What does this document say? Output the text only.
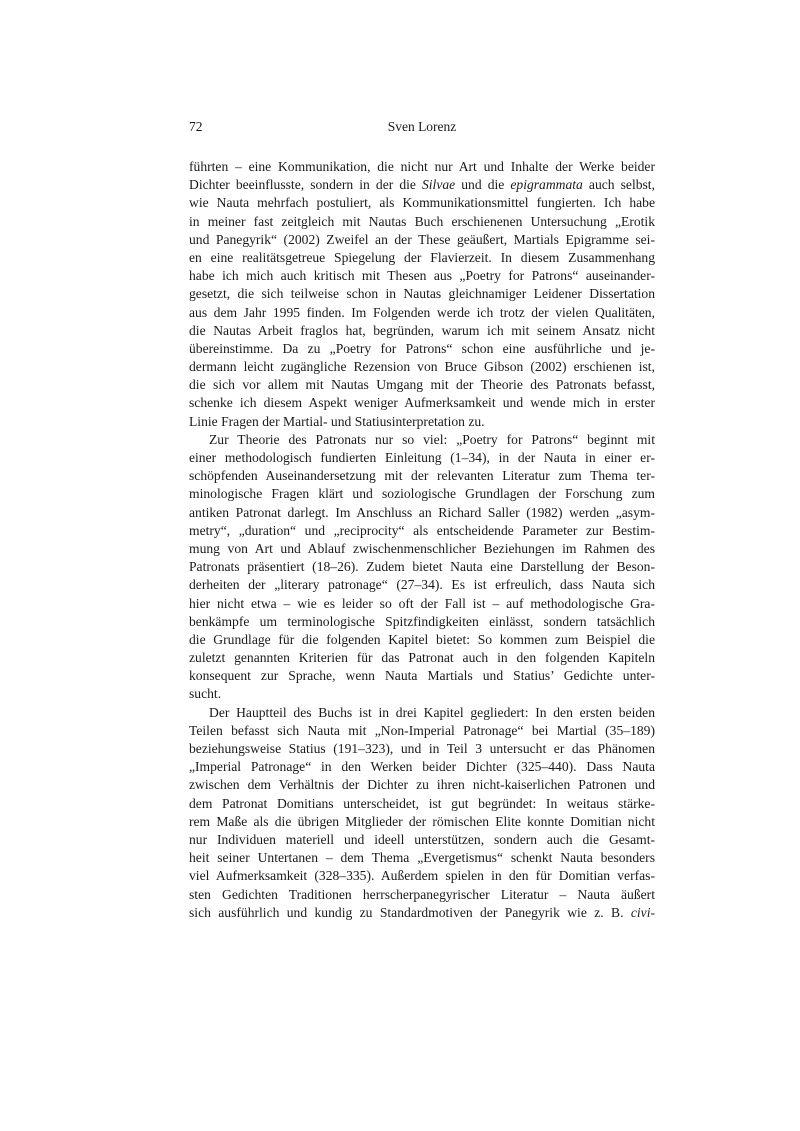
72	Sven Lorenz
führten – eine Kommunikation, die nicht nur Art und Inhalte der Werke beider
Dichter beeinflusste, sondern in der die Silvae und die epigrammata auch selbst,
wie Nauta mehrfach postuliert, als Kommunikationsmittel fungierten. Ich habe
in meiner fast zeitgleich mit Nautas Buch erschienenen Untersuchung „Erotik
und Panegyrik“ (2002) Zweifel an der These geäußert, Martials Epigramme sei-
en eine realitätsgetreue Spiegelung der Flavierzeit. In diesem Zusammenhang
habe ich mich auch kritisch mit Thesen aus „Poetry for Patrons“ auseinander-
gesetzt, die sich teilweise schon in Nautas gleichnamiger Leidener Dissertation
aus dem Jahr 1995 finden. Im Folgenden werde ich trotz der vielen Qualitäten,
die Nautas Arbeit fraglos hat, begründen, warum ich mit seinem Ansatz nicht
übereinstimme. Da zu „Poetry for Patrons“ schon eine ausführliche und je-
dermann leicht zugängliche Rezension von Bruce Gibson (2002) erschienen ist,
die sich vor allem mit Nautas Umgang mit der Theorie des Patronats befasst,
schenke ich diesem Aspekt weniger Aufmerksamkeit und wende mich in erster
Linie Fragen der Martial- und Statiusinterpretation zu.
Zur Theorie des Patronats nur so viel: „Poetry for Patrons“ beginnt mit
einer methodologisch fundierten Einleitung (1–34), in der Nauta in einer er-
schöpfenden Auseinandersetzung mit der relevanten Literatur zum Thema ter-
minologische Fragen klärt und soziologische Grundlagen der Forschung zum
antiken Patronat darlegt. Im Anschluss an Richard Saller (1982) werden „asym-
metry“, „duration“ und „reciprocity“ als entscheidende Parameter zur Bestim-
mung von Art und Ablauf zwischenmenschlicher Beziehungen im Rahmen des
Patronats präsentiert (18–26). Zudem bietet Nauta eine Darstellung der Beson-
derheiten der „literary patronage“ (27–34). Es ist erfreulich, dass Nauta sich
hier nicht etwa – wie es leider so oft der Fall ist – auf methodologische Gra-
benkämpfe um terminologische Spitzfindigkeiten einlässt, sondern tatsächlich
die Grundlage für die folgenden Kapitel bietet: So kommen zum Beispiel die
zuletzt genannten Kriterien für das Patronat auch in den folgenden Kapiteln
konsequent zur Sprache, wenn Nauta Martials und Statius’ Gedichte unter-
sucht.
Der Hauptteil des Buchs ist in drei Kapitel gegliedert: In den ersten beiden
Teilen befasst sich Nauta mit „Non-Imperial Patronage“ bei Martial (35–189)
beziehungsweise Statius (191–323), und in Teil 3 untersucht er das Phänomen
„Imperial Patronage“ in den Werken beider Dichter (325–440). Dass Nauta
zwischen dem Verhältnis der Dichter zu ihren nicht-kaiserlichen Patronen und
dem Patronat Domitians unterscheidet, ist gut begründet: In weitaus stärke-
rem Maße als die übrigen Mitglieder der römischen Elite konnte Domitian nicht
nur Individuen materiell und ideell unterstützen, sondern auch die Gesamt-
heit seiner Untertanen – dem Thema „Evergetismus“ schenkt Nauta besonders
viel Aufmerksamkeit (328–335). Außerdem spielen in den für Domitian verfas-
sten Gedichten Traditionen herrscherpanegyrischer Literatur – Nauta äußert
sich ausführlich und kundig zu Standardmotiven der Panegyrik wie z. B. civi-
